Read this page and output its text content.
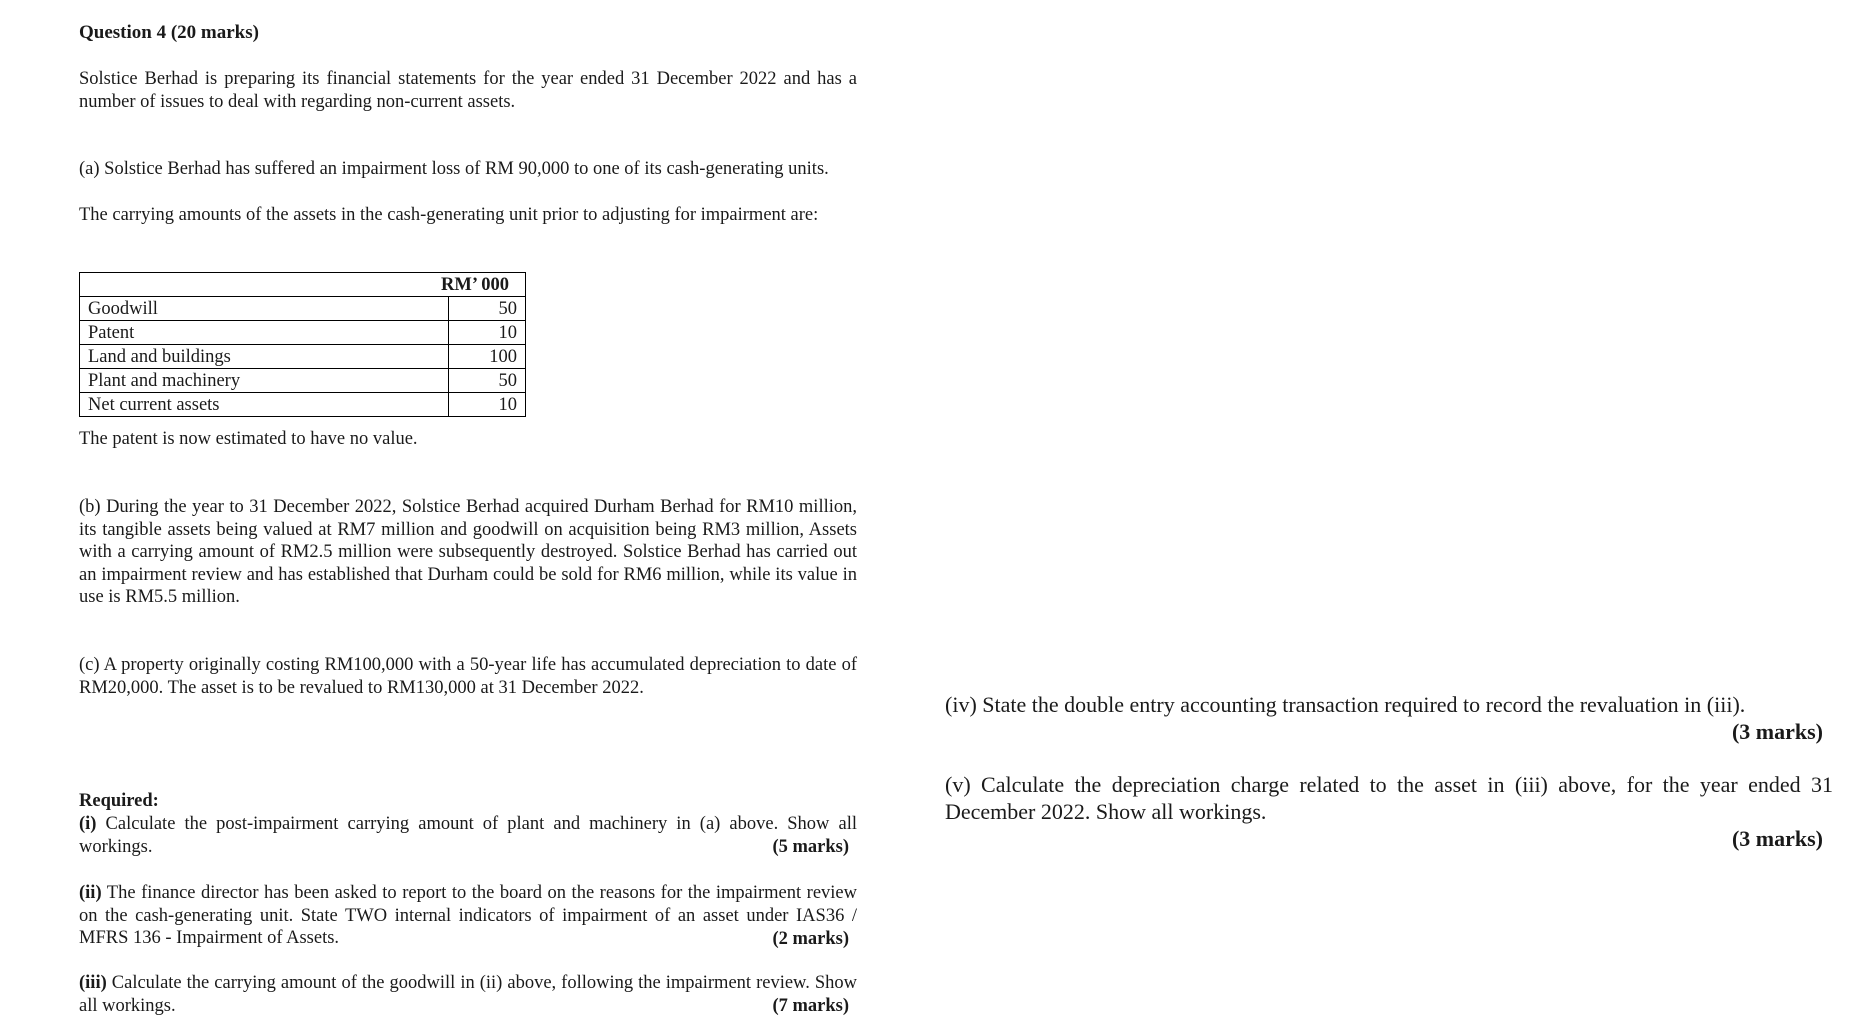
Question 4 (20 marks)
Solstice Berhad is preparing its financial statements for the year ended 31 December 2022 and has a number of issues to deal with regarding non-current assets.
(a) Solstice Berhad has suffered an impairment loss of RM 90,000 to one of its cash-generating units.
The carrying amounts of the assets in the cash-generating unit prior to adjusting for impairment are:
RM’ 000	
Goodwill	50
Patent	10
Land and buildings	100
Plant and machinery	50
Net current assets	10
The patent is now estimated to have no value.
(b) During the year to 31 December 2022, Solstice Berhad acquired Durham Berhad for RM10 million, its tangible assets being valued at RM7 million and goodwill on acquisition being RM3 million, Assets with a carrying amount of RM2.5 million were subsequently destroyed. Solstice Berhad has carried out an impairment review and has established that Durham could be sold for RM6 million, while its value in use is RM5.5 million.
(c) A property originally costing RM100,000 with a 50-year life has accumulated depreciation to date of RM20,000. The asset is to be revalued to RM130,000 at 31 December 2022.
Required:
(i) Calculate the post-impairment carrying amount of plant and machinery in (a) above. Show all workings.	(5 marks)
(ii) The finance director has been asked to report to the board on the reasons for the impairment review on the cash-generating unit. State TWO internal indicators of impairment of an asset under IAS36 / MFRS 136 - Impairment of Assets.	(2 marks)
(iii) Calculate the carrying amount of the goodwill in (ii) above, following the impairment review. Show all workings.	(7 marks)
(iv) State the double entry accounting transaction required to record the revaluation in (iii).
(3 marks)
(v) Calculate the depreciation charge related to the asset in (iii) above, for the year ended 31 December 2022. Show all workings.
(3 marks)
